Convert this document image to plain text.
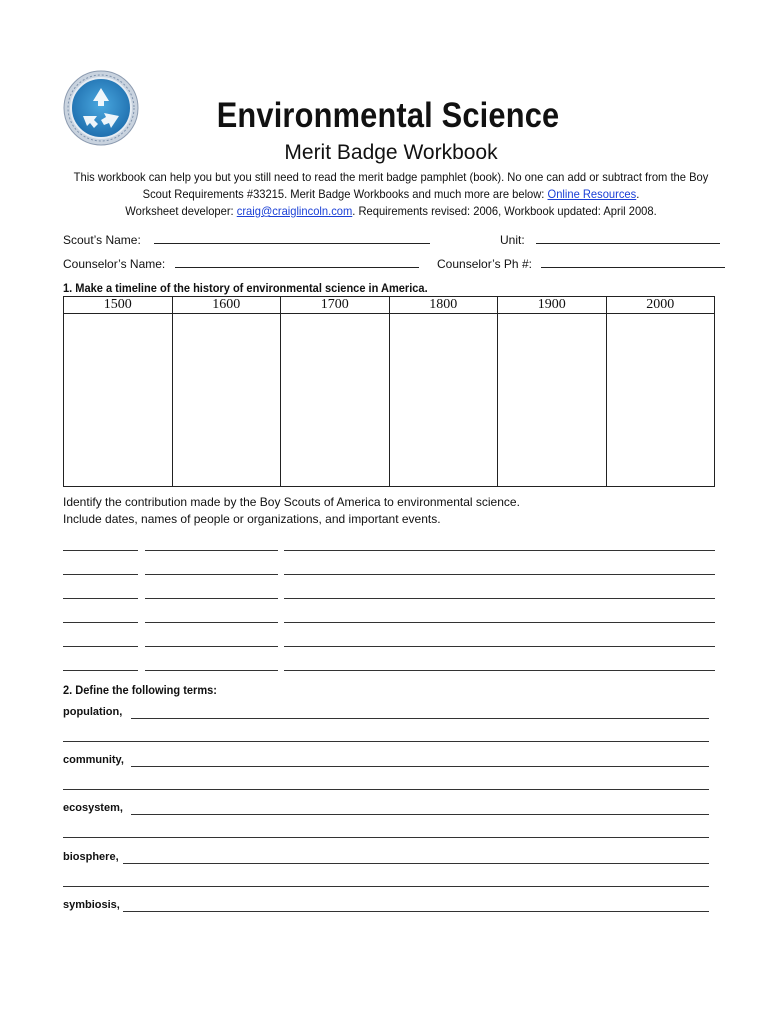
Environmental Science
Merit Badge Workbook
This workbook can help you but you still need to read the merit badge pamphlet (book). No one can add or subtract from the Boy
Scout Requirements #33215. Merit Badge Workbooks and much more are below: Online Resources.
Worksheet developer: craig@craiglincoln.com. Requirements revised: 2006, Workbook updated: April 2008.
Scout’s Name:	Unit:
Counselor’s Name:	Counselor’s Ph #:
1. Make a timeline of the history of environmental science in America.
1500	1600	1700	1800	1900	2000

Identify the contribution made by the Boy Scouts of America to environmental science.
Include dates, names of people or organizations, and important events.
2. Define the following terms:
population,
community,
ecosystem,
biosphere,
symbiosis,
